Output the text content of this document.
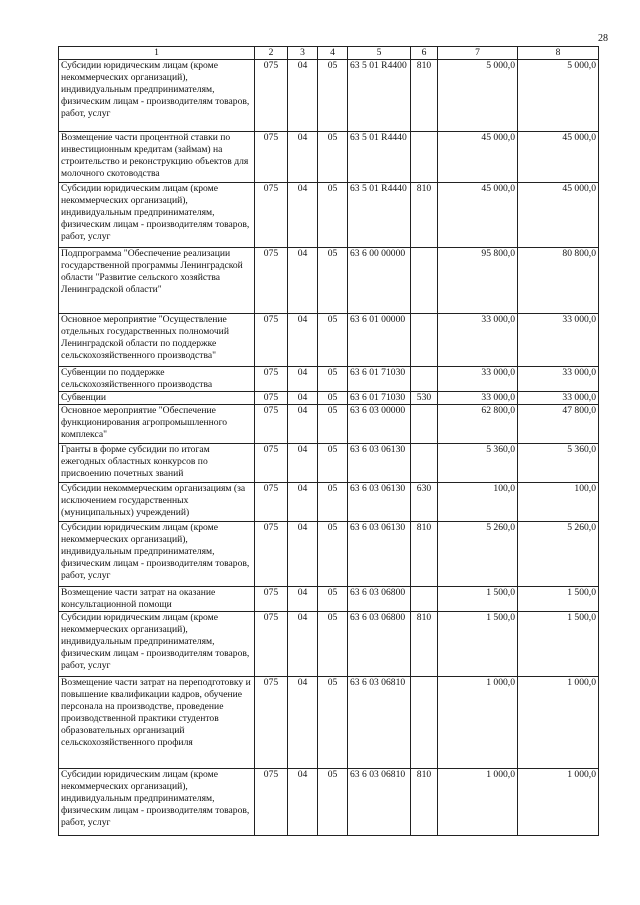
28
1	2	3	4	5	6	7	8
Субсидии юридическим лицам (кроме некоммерческих организаций), индивидуальным предпринимателям, физическим лицам - производителям товаров, работ, услуг	075	04	05	63 5 01 R4400	810	5 000,0	5 000,0
Возмещение части процентной ставки по инвестиционным кредитам (займам) на строительство и реконструкцию объектов для молочного скотоводства	075	04	05	63 5 01 R4440		45 000,0	45 000,0
Субсидии юридическим лицам (кроме некоммерческих организаций), индивидуальным предпринимателям, физическим лицам - производителям товаров, работ, услуг	075	04	05	63 5 01 R4440	810	45 000,0	45 000,0
Подпрограмма "Обеспечение реализации государственной программы Ленинградской области "Развитие сельского хозяйства Ленинградской области"	075	04	05	63 6 00 00000		95 800,0	80 800,0
Основное мероприятие "Осуществление отдельных государственных полномочий Ленинградской области по поддержке сельскохозяйственного производства"	075	04	05	63 6 01 00000		33 000,0	33 000,0
Субвенции по поддержке сельскохозяйственного производства	075	04	05	63 6 01 71030		33 000,0	33 000,0
Субвенции	075	04	05	63 6 01 71030	530	33 000,0	33 000,0
Основное мероприятие "Обеспечение функционирования агропромышленного комплекса"	075	04	05	63 6 03 00000		62 800,0	47 800,0
Гранты в форме субсидии по итогам ежегодных областных конкурсов по присвоению почетных званий	075	04	05	63 6 03 06130		5 360,0	5 360,0
Субсидии некоммерческим организациям (за исключением государственных (муниципальных) учреждений)	075	04	05	63 6 03 06130	630	100,0	100,0
Субсидии юридическим лицам (кроме некоммерческих организаций), индивидуальным предпринимателям, физическим лицам - производителям товаров, работ, услуг	075	04	05	63 6 03 06130	810	5 260,0	5 260,0
Возмещение части затрат на оказание консультационной помощи	075	04	05	63 6 03 06800		1 500,0	1 500,0
Субсидии юридическим лицам (кроме некоммерческих организаций), индивидуальным предпринимателям, физическим лицам - производителям товаров, работ, услуг	075	04	05	63 6 03 06800	810	1 500,0	1 500,0
Возмещение части затрат на переподготовку и повышение квалификации кадров, обучение персонала на производстве, проведение производственной практики студентов образовательных организаций сельскохозяйственного профиля	075	04	05	63 6 03 06810		1 000,0	1 000,0
Субсидии юридическим лицам (кроме некоммерческих организаций), индивидуальным предпринимателям, физическим лицам - производителям товаров, работ, услуг	075	04	05	63 6 03 06810	810	1 000,0	1 000,0
